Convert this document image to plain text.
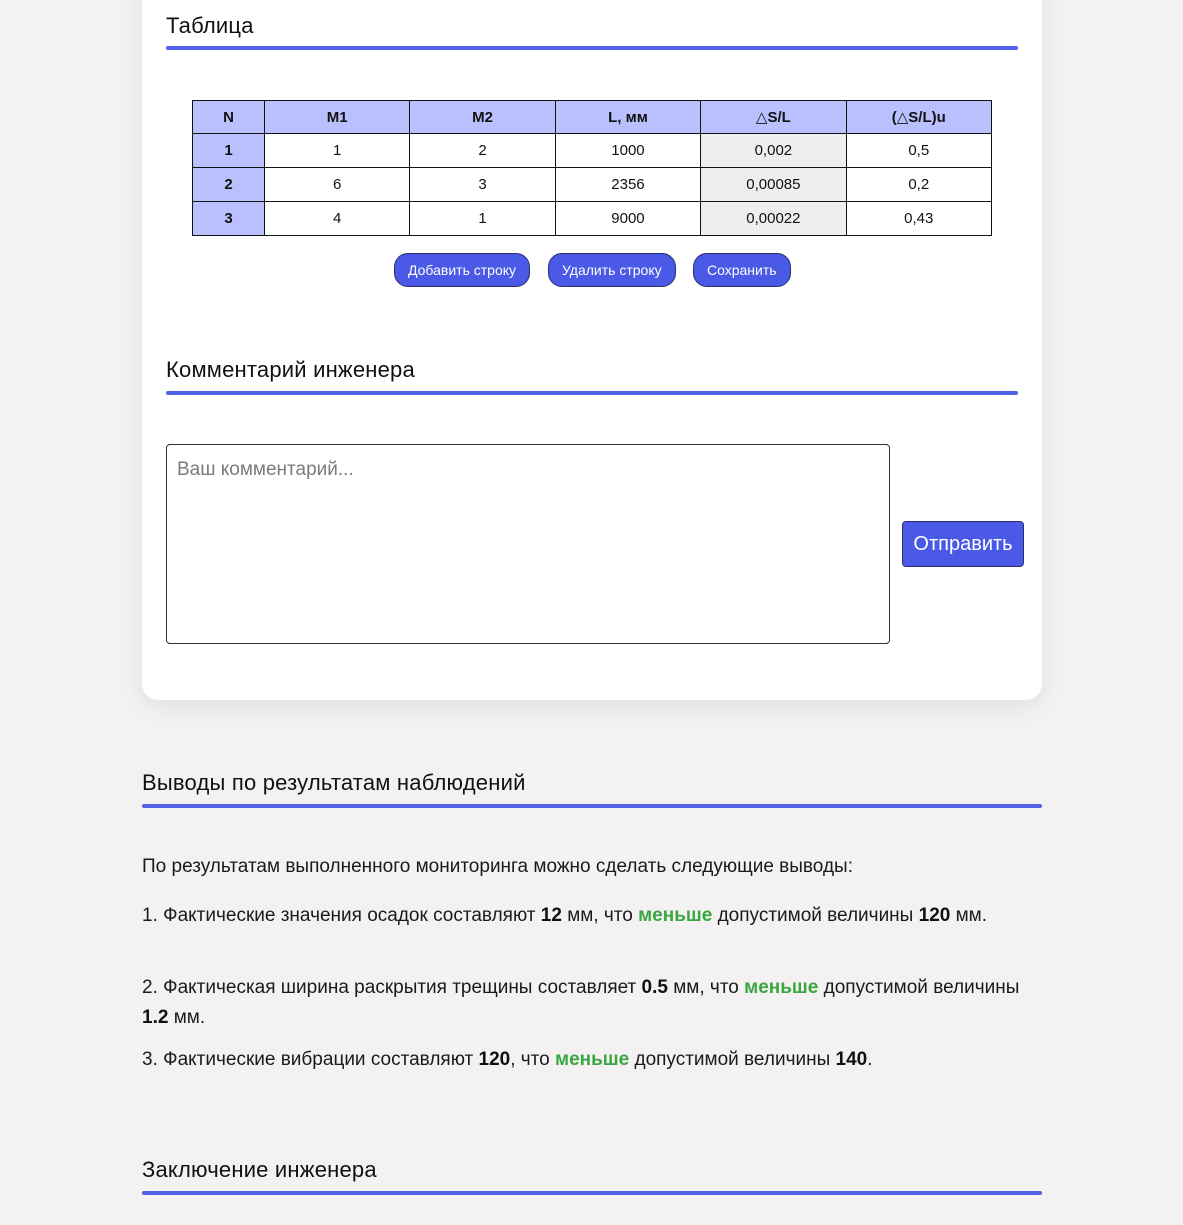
Таблица
N	M1	M2	L, мм	△S/L	(△S/L)u
1	1	2	1000	0,002	0,5
2	6	3	2356	0,00085	0,2
3	4	1	9000	0,00022	0,43
Добавить строку	Удалить строку	Сохранить
Комментарий инженера
Ваш комментарий...
Отправить
Выводы по результатам наблюдений

По результатам выполненного мониторинга можно сделать следующие выводы:

1. Фактические значения осадок составляют 12 мм, что меньше допустимой величины 120 мм.

2. Фактическая ширина раскрытия трещины составляет 0.5 мм, что меньше допустимой величины 1.2 мм.

3. Фактические вибрации составляют 120, что меньше допустимой величины 140.

Заключение инженера
